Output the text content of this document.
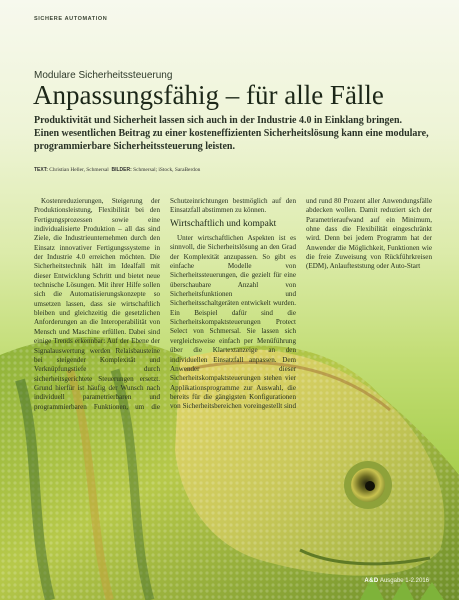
SICHERE AUTOMATION
Modulare Sicherheitssteuerung
Anpassungsfähig – für alle Fälle

Produktivität und Sicherheit lassen sich auch in der Industrie 4.0 in Einklang bringen. Einen wesentlichen Beitrag zu einer kosteneffizienten Sicherheitslösung kann eine modulare, programmierbare Sicherheitssteuerung leisten.

TEXT: Christian Heller, Schmersal BILDER: Schmersal; iStock, SaraBerdon

Kostenreduzierungen, Steigerung der Produktionsleistung, Flexibilität bei den Fertigungsprozessen sowie eine individualisierte Produktion – all das sind Ziele, die Industrieunternehmen durch den Einsatz innovativer Fertigungssysteme in der Industrie 4.0 erreichen möchten. Die Sicherheitstechnik hält im Idealfall mit dieser Entwicklung Schritt und bietet neue technische Lösungen. Mit ihrer Hilfe sollen sich die Automatisierungskonzepte so umsetzen lassen, dass sie wirtschaftlich bleiben und gleichzeitig die gesetzlichen Anforderungen an die Interoperabilität von Mensch und Maschine erfüllen. Dabei sind einige Trends erkennbar: Auf der Ebene der Signalauswertung werden Relaisbausteine bei steigender Komplexität und Verknüpfungstiefe durch sicherheitsgerichtete Steuerungen ersetzt. Grund hierfür ist häufig der Wunsch nach individuell parametrierbaren und programmierbaren Funktionen, um die Schutzeinrichtungen bestmöglich auf den Einsatzfall abstimmen zu können.

Wirtschaftlich und kompakt

Unter wirtschaftlichen Aspekten ist es sinnvoll, die Sicherheitslösung an den Grad der Komplexität anzupassen. So gibt es einfache Modelle von Sicherheitssteuerungen, die gezielt für eine überschaubare Anzahl von Sicherheitsfunktionen und Sicherheitsschaltgeräten entwickelt wurden. Ein Beispiel dafür sind die Sicherheitskompaktsteuerungen Protect Select von Schmersal. Sie lassen sich vergleichsweise einfach per Menüführung über die Klartextanzeige an den individuellen Einsatzfall anpassen. Dem Anwender dieser Sicherheitskompaktsteuerungen stehen vier Applikationsprogramme zur Auswahl, die bereits für die gängigsten Konfigurationen von Sicherheitsbereichen voreingestellt sind und rund 80 Prozent aller Anwendungsfälle abdecken wollen. Damit reduziert sich der Parametrieraufwand auf ein Minimum, ohne dass die Flexibilität eingeschränkt wird. Denn bei jedem Programm hat der Anwender die Möglichkeit, Funktionen wie die freie Zuweisung von Rückführkreisen (EDM), Anlaufteststung oder Auto-Start

A&D Ausgabe 1-2.2016
